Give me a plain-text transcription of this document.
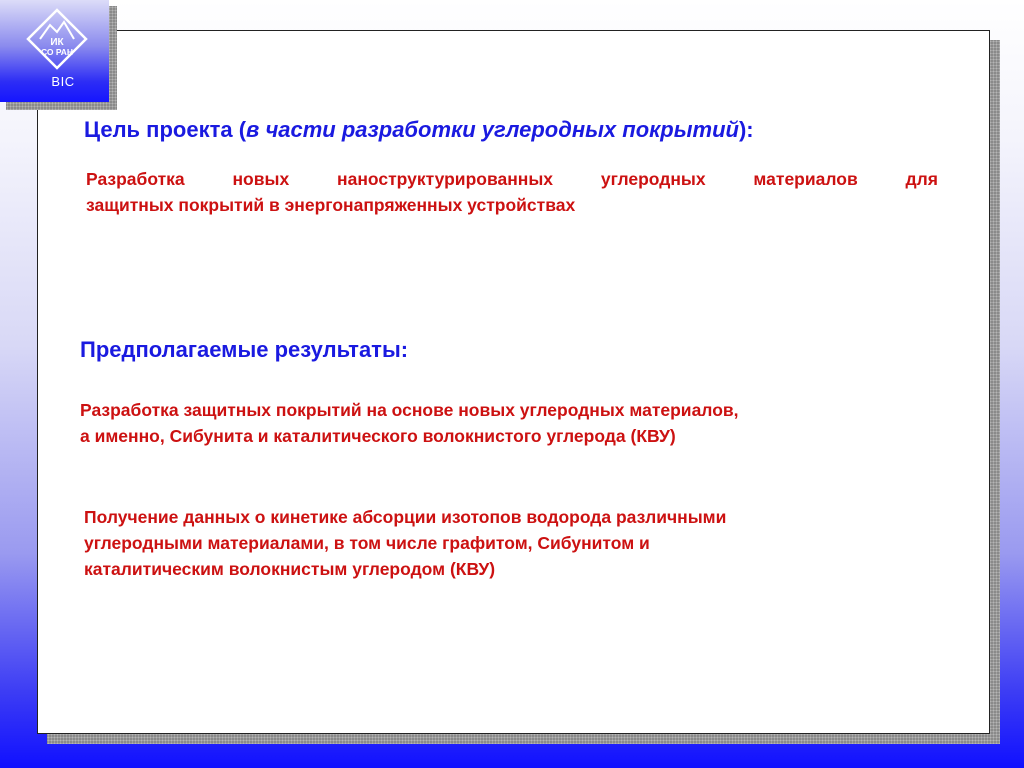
ИК
СО РАН
BIC
Цель проекта (в части разработки углеродных покрытий):
Разработка новых наноструктурированных углеродных материалов для
защитных покрытий в энергонапряженных устройствах
Предполагаемые результаты:
Разработка защитных покрытий на основе новых углеродных материалов,
а именно, Сибунита и каталитического волокнистого углерода (КВУ)
Получение данных о кинетике абсорции изотопов водорода различными
углеродными материалами, в том числе графитом, Сибунитом и
каталитическим волокнистым углеродом (КВУ)
